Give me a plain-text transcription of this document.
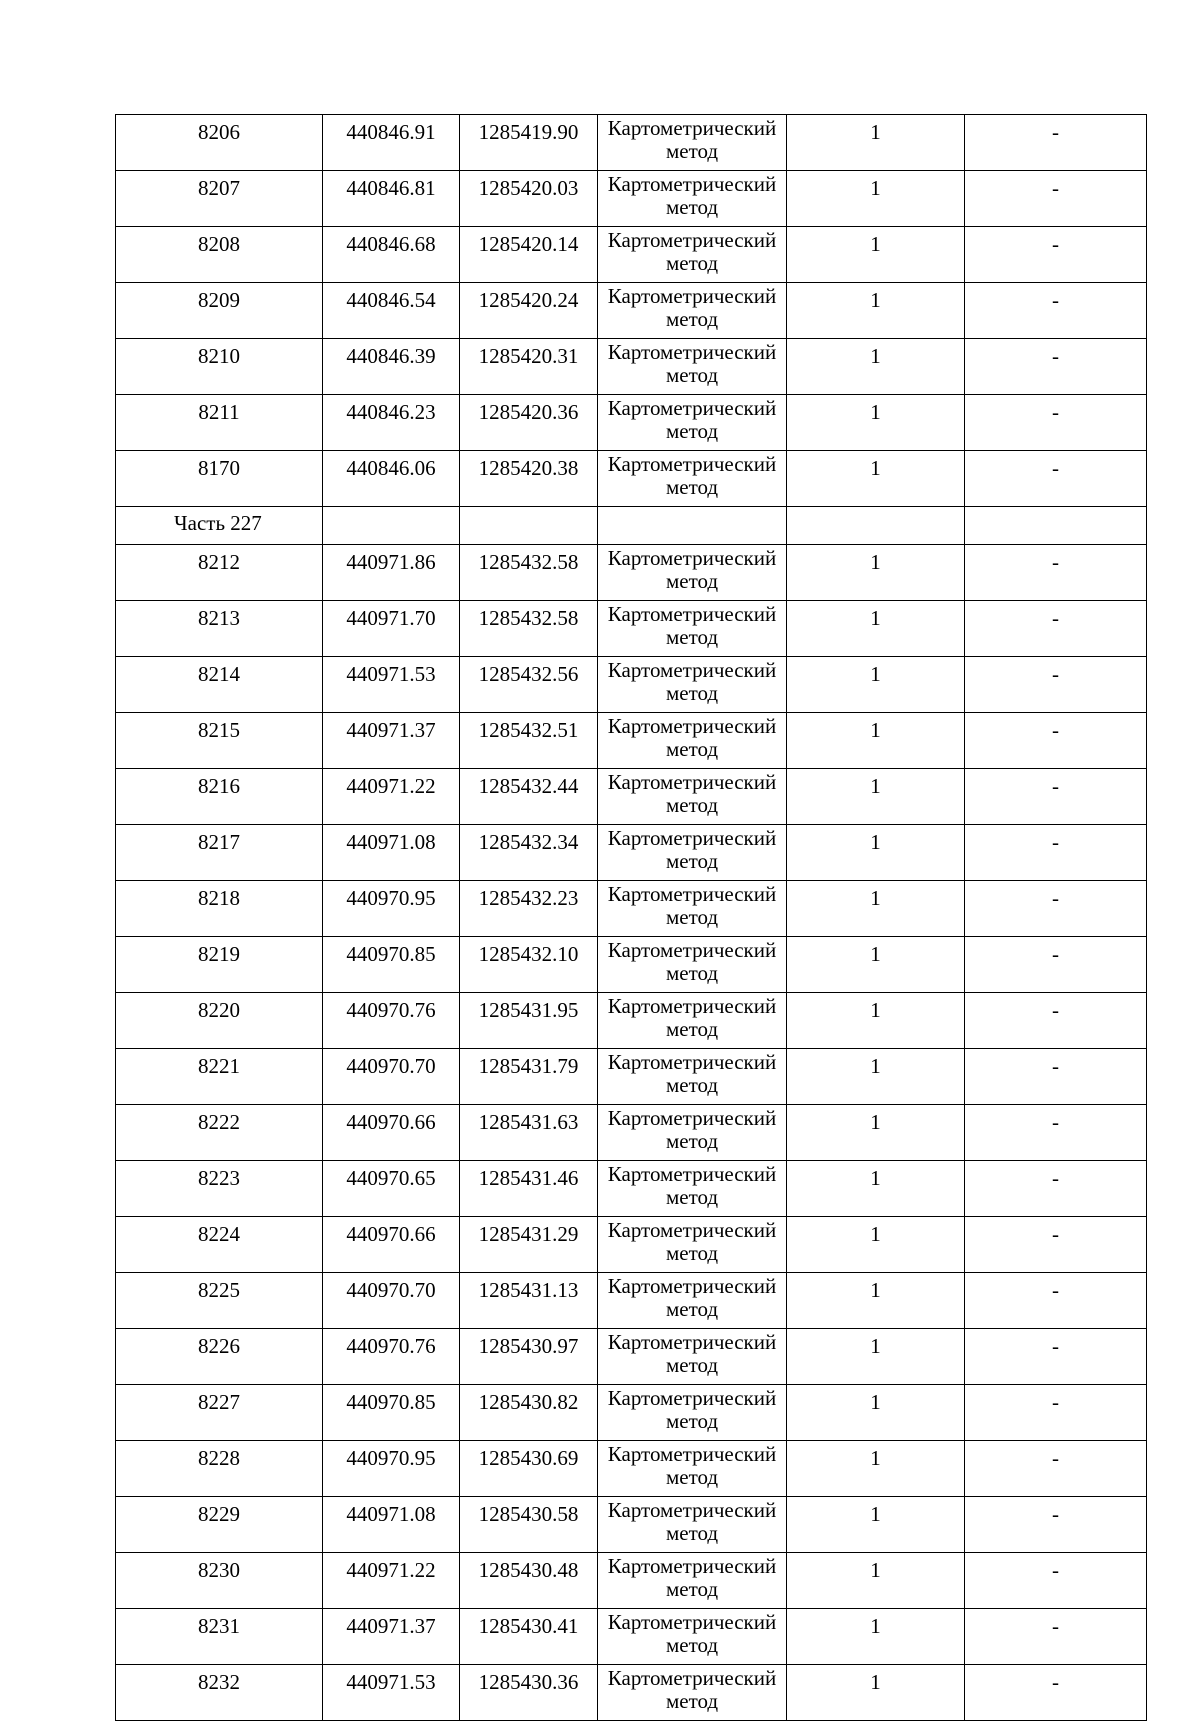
8206	440846.91	1285419.90	Картометрический метод	1	-
8207	440846.81	1285420.03	Картометрический метод	1	-
8208	440846.68	1285420.14	Картометрический метод	1	-
8209	440846.54	1285420.24	Картометрический метод	1	-
8210	440846.39	1285420.31	Картометрический метод	1	-
8211	440846.23	1285420.36	Картометрический метод	1	-
8170	440846.06	1285420.38	Картометрический метод	1	-
Часть 227					
8212	440971.86	1285432.58	Картометрический метод	1	-
8213	440971.70	1285432.58	Картометрический метод	1	-
8214	440971.53	1285432.56	Картометрический метод	1	-
8215	440971.37	1285432.51	Картометрический метод	1	-
8216	440971.22	1285432.44	Картометрический метод	1	-
8217	440971.08	1285432.34	Картометрический метод	1	-
8218	440970.95	1285432.23	Картометрический метод	1	-
8219	440970.85	1285432.10	Картометрический метод	1	-
8220	440970.76	1285431.95	Картометрический метод	1	-
8221	440970.70	1285431.79	Картометрический метод	1	-
8222	440970.66	1285431.63	Картометрический метод	1	-
8223	440970.65	1285431.46	Картометрический метод	1	-
8224	440970.66	1285431.29	Картометрический метод	1	-
8225	440970.70	1285431.13	Картометрический метод	1	-
8226	440970.76	1285430.97	Картометрический метод	1	-
8227	440970.85	1285430.82	Картометрический метод	1	-
8228	440970.95	1285430.69	Картометрический метод	1	-
8229	440971.08	1285430.58	Картометрический метод	1	-
8230	440971.22	1285430.48	Картометрический метод	1	-
8231	440971.37	1285430.41	Картометрический метод	1	-
8232	440971.53	1285430.36	Картометрический метод	1	-
